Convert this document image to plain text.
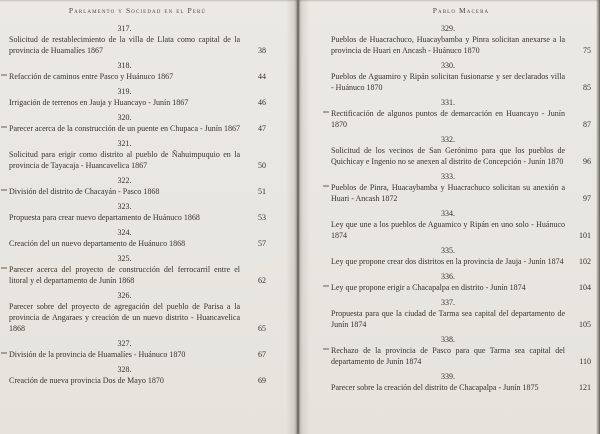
Parlamento y Sociedad en el Perú
317.
Solicitud de restablecimiento de la villa de Llata como capital de la provincia de Huamalíes 1867	38
318.
Refacción de caminos entre Pasco y Huánuco 1867	44
319.
Irrigación de terrenos en Jauja y Huancayo - Junín 1867	46
320.
Parecer acerca de la construcción de un puente en Chupaca - Junín 1867	47
321.
Solicitud para erigir como distrito al pueblo de Ñahuimpuquio en la provincia de Tayacaja - Huancavelica 1867	50
322.
División del distrito de Chacayán - Pasco 1868	51
323.
Propuesta para crear nuevo departamento de Huánuco 1868	53
324.
Creación del un nuevo departamento de Huánuco 1868	57
325.
Parecer acerca del proyecto de construcción del ferrocarril entre el litoral y el departamento de Junín 1868	62
326.
Parecer sobre del proyecto de agregación del pueblo de Parisa a la provincia de Angaraes y creación de un nuevo distrito - Huancavelica 1868	65
327.
División de la provincia de Huamalíes - Huánuco 1870	67
328.
Creación de nueva provincia Dos de Mayo 1870	69
Pablo Macera
329.
Pueblos de Huacrachuco, Huacaybamba y Pinra solicitan anexarse a la provincia de Huari en Ancash - Huánuco 1870	75
330.
Pueblos de Aguamiro y Ripán solicitan fusionarse y ser declarados villa - Huánuco 1870	85
331.
Rectificación de algunos puntos de demarcación en Huancayo - Junín 1870	87
332.
Solicitud de los vecinos de San Gerónimo para que los pueblos de Quichicay e Ingenio no se anexen al distrito de Concepción - Junín 1870	96
333.
Pueblos de Pinra, Huacaybamba y Huacrachuco solicitan su anexión a Huari - Ancash 1872	97
334.
Ley que une a los pueblos de Aguamico y Ripán en uno solo - Huánuco 1874	101
335.
Ley que propone crear dos distritos en la provincia de Jauja - Junín 1874	102
336.
Ley que propone erigir a Chacapalpa en distrito - Junín 1874	104
337.
Propuesta para que la ciudad de Tarma sea capital del departamento de Junín 1874	105
338.
Rechazo de la provincia de Pasco para que Tarma sea capital del departamento de Junín 1874	110
339.
Parecer sobre la creación del distrito de Chacapalpa - Junín 1875	121
